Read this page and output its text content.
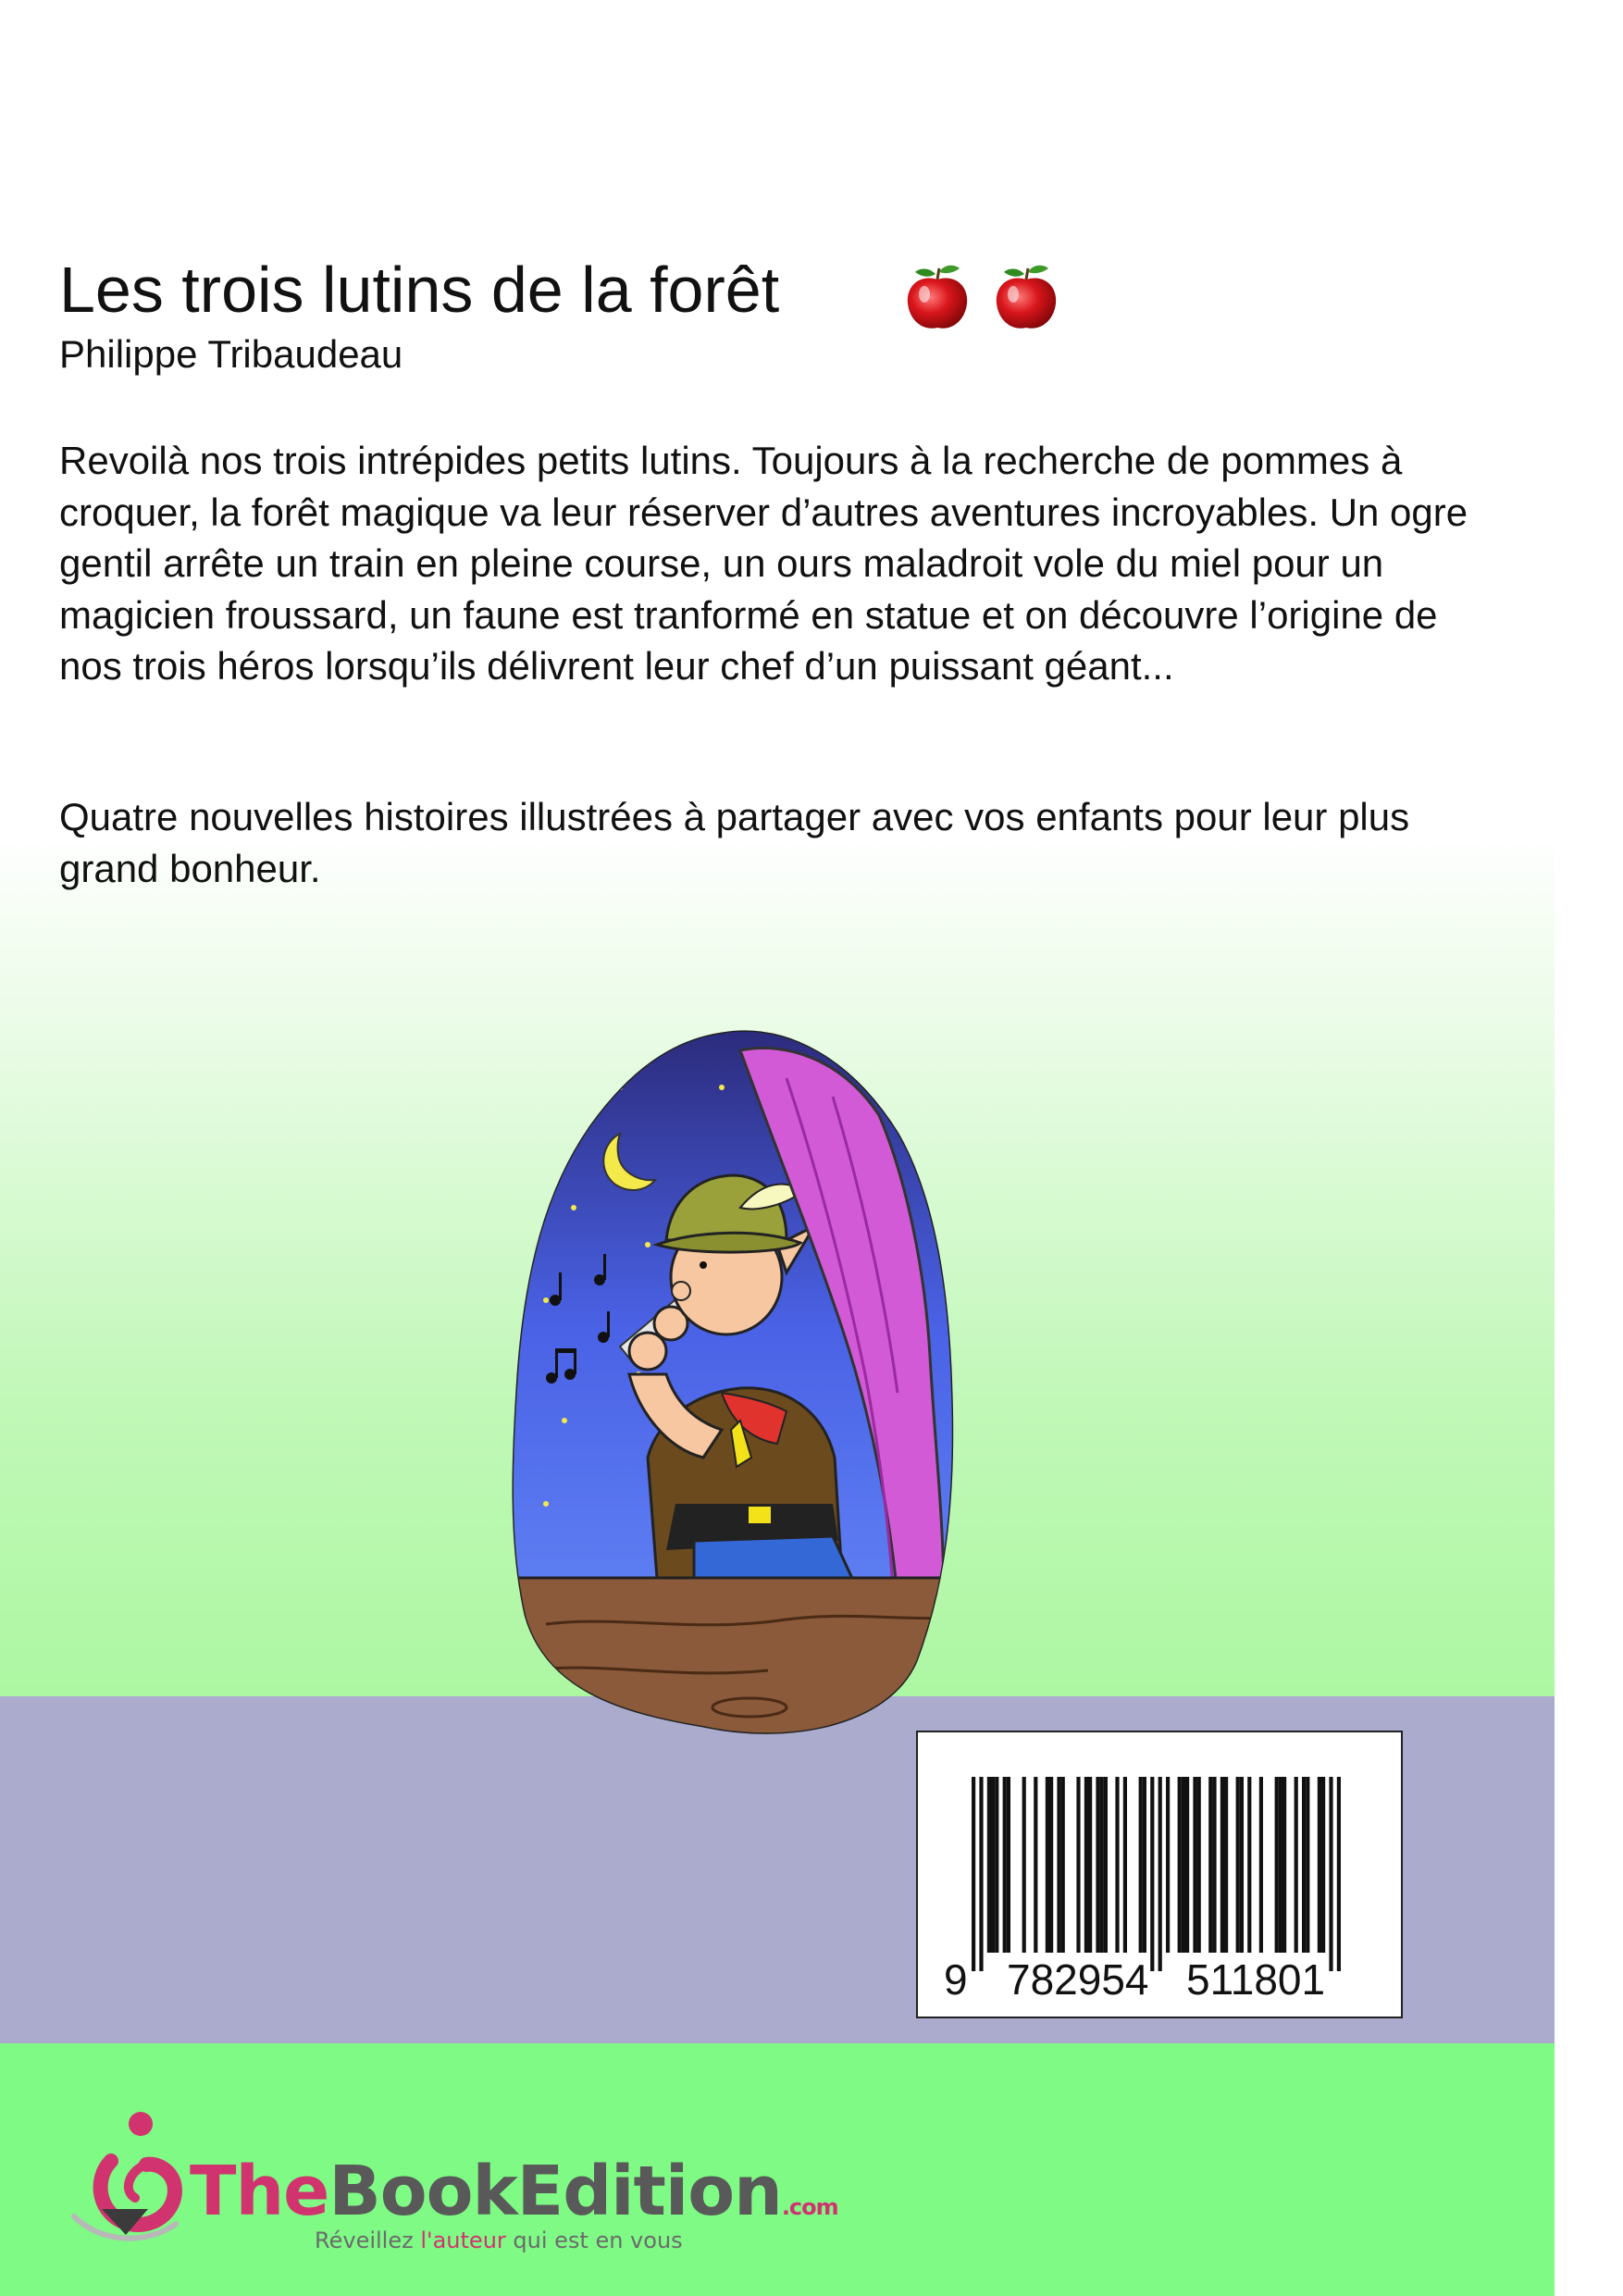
Les trois lutins de la forêt
Philippe Tribaudeau

Revoilà nos trois intrépides petits lutins. Toujours à la recherche de pommes à croquer, la forêt magique va leur réserver d’autres aventures incroyables. Un ogre gentil arrête un train en pleine course, un ours maladroit vole du miel pour un magicien froussard, un faune est tranformé en statue et on découvre l’origine de nos trois héros lorsqu’ils délivrent leur chef d’un puissant géant...

Quatre nouvelles histoires illustrées à partager avec vos enfants pour leur plus grand bonheur.

9 782954 511801
TheBookEdition.com
Réveillez l'auteur qui est en vous
